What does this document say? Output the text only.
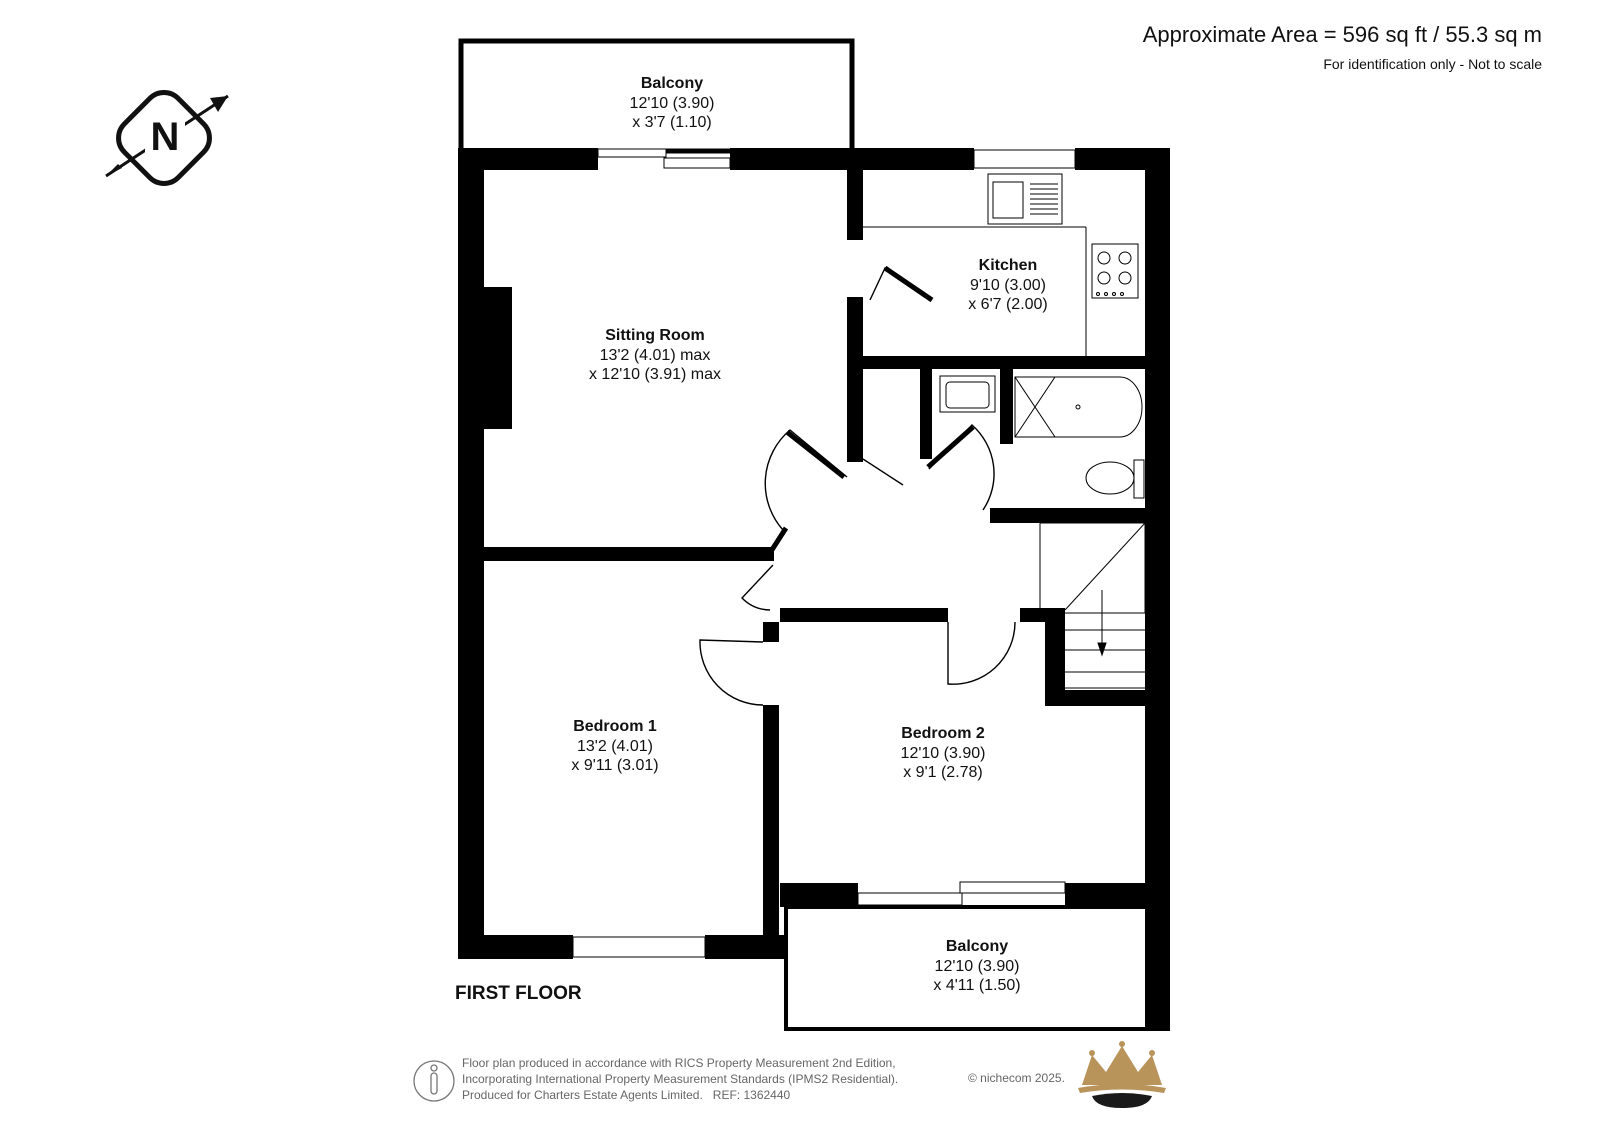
Approximate Area = 596 sq ft / 55.3 sq m
For identification only - Not to scale
N
Balcony
12'10 (3.90)
x 3'7 (1.10)
Sitting Room
13'2 (4.01) max
x 12'10 (3.91) max
Kitchen
9'10 (3.00)
x 6'7 (2.00)
Bedroom 1
13'2 (4.01)
x 9'11 (3.01)
Bedroom 2
12'10 (3.90)
x 9'1 (2.78)
Balcony
12'10 (3.90)
x 4'11 (1.50)
FIRST FLOOR
Floor plan produced in accordance with RICS Property Measurement 2nd Edition,
Incorporating International Property Measurement Standards (IPMS2 Residential).
Produced for Charters Estate Agents Limited. REF: 1362440
© nichecom 2025.
